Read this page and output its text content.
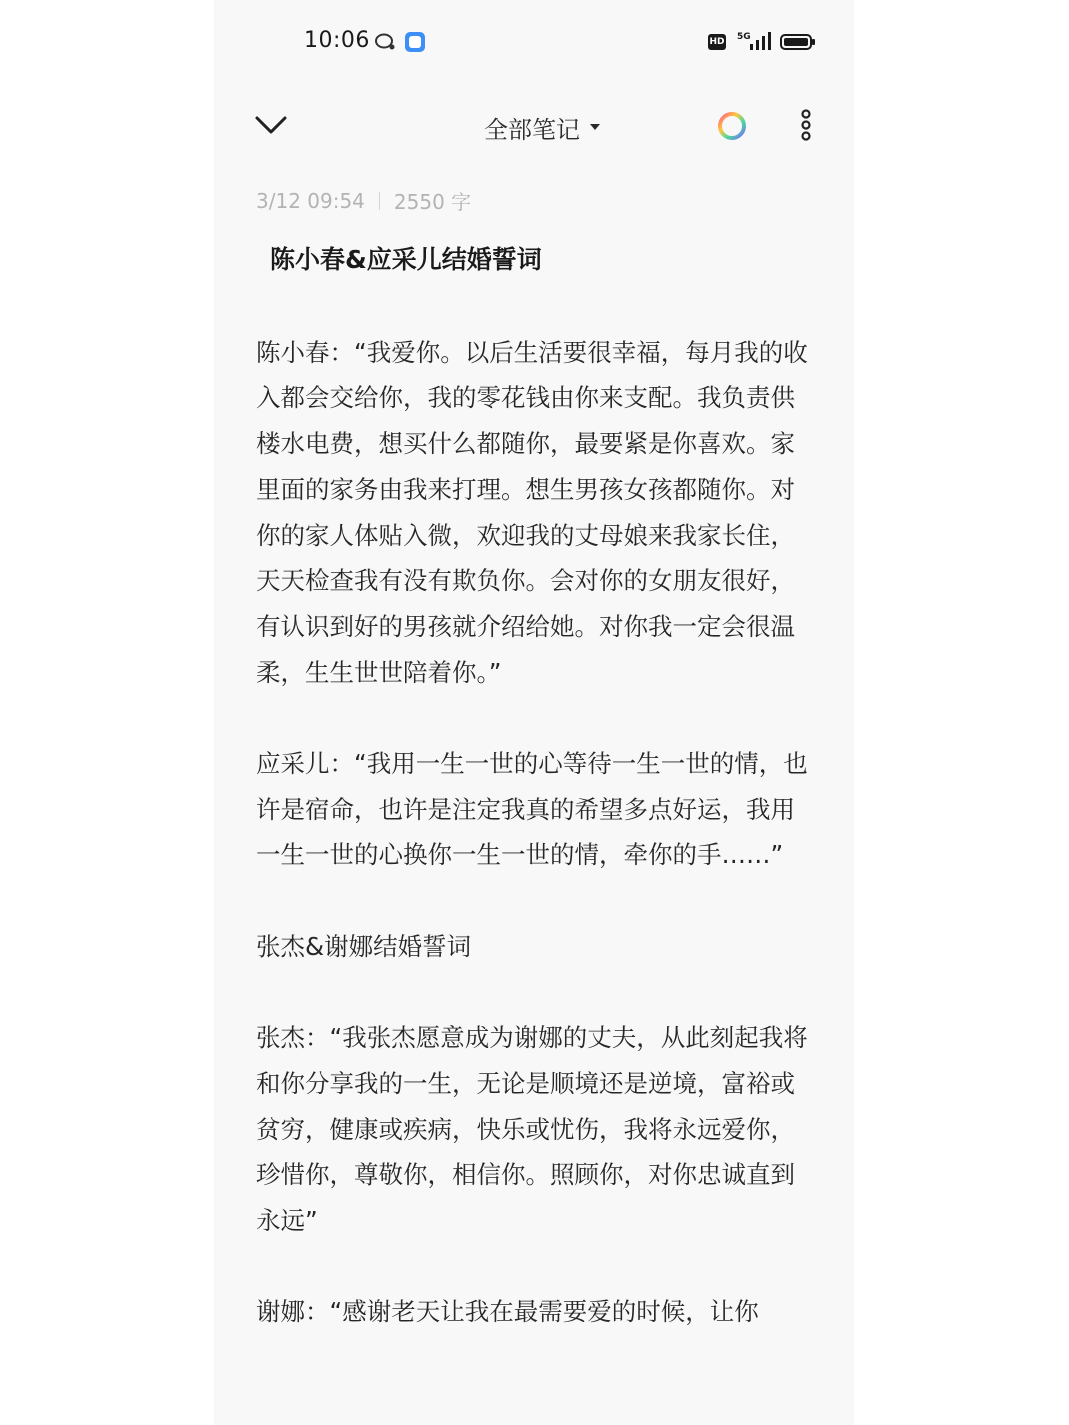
10:06	HD 5G
全部笔记
3/12 09:54 2550 字
陈小春&应采儿结婚誓词

陈小春：“我爱你。以后生活要很幸福，每月我的收入都会交给你，我的零花钱由你来支配。我负责供楼水电费，想买什么都随你，最要紧是你喜欢。家里面的家务由我来打理。想生男孩女孩都随你。对你的家人体贴入微，欢迎我的丈母娘来我家长住，天天检查我有没有欺负你。会对你的女朋友很好，有认识到好的男孩就介绍给她。对你我一定会很温柔，生生世世陪着你。”

应采儿：“我用一生一世的心等待一生一世的情，也许是宿命，也许是注定我真的希望多点好运，我用一生一世的心换你一生一世的情，牵你的手……”

张杰&谢娜结婚誓词

张杰：“我张杰愿意成为谢娜的丈夫，从此刻起我将和你分享我的一生，无论是顺境还是逆境，富裕或贫穷，健康或疾病，快乐或忧伤，我将永远爱你，珍惜你，尊敬你，相信你。照顾你，对你忠诚直到永远”

谢娜：“感谢老天让我在最需要爱的时候，让你
